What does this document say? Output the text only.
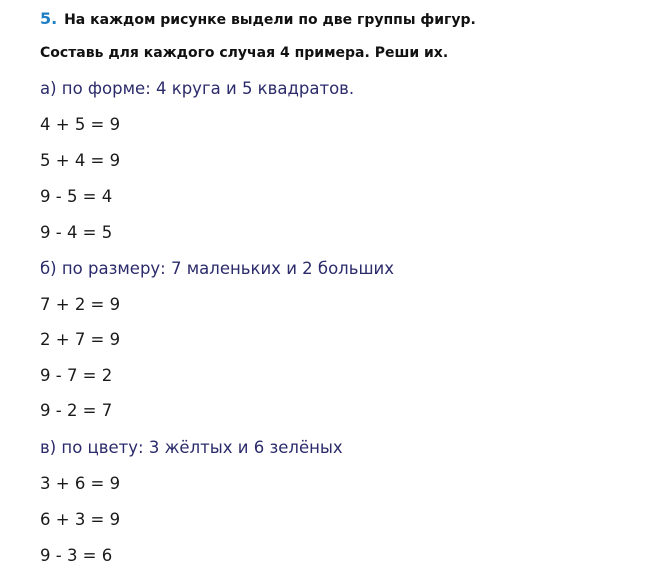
5. На каждом рисунке выдели по две группы фигур.
Составь для каждого случая 4 примера. Реши их.
а) по форме: 4 круга и 5 квадратов.
4 + 5 = 9
5 + 4 = 9
9 - 5 = 4
9 - 4 = 5
б) по размеру: 7 маленьких и 2 больших
7 + 2 = 9
2 + 7 = 9
9 - 7 = 2
9 - 2 = 7
в) по цвету: 3 жёлтых и 6 зелёных
3 + 6 = 9
6 + 3 = 9
9 - 3 = 6
